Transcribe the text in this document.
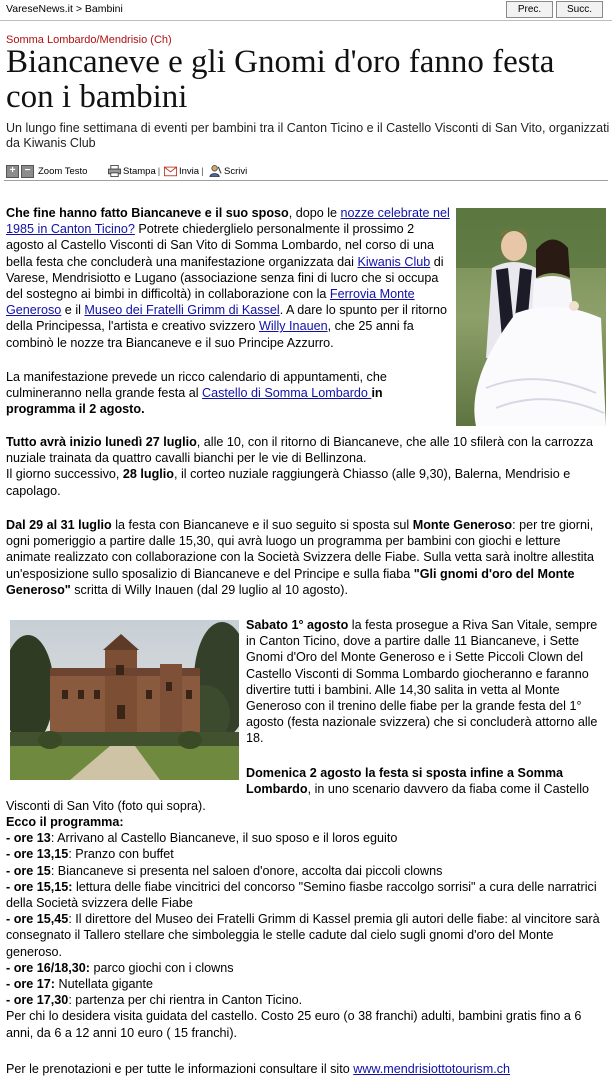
VareseNews.it > Bambini	Prec.	Succ.
Somma Lombardo/Mendrisio (Ch)
Biancaneve e gli Gnomi d'oro fanno festa con i bambini
Un lungo fine settimana di eventi per bambini tra il Canton Ticino e il Castello Visconti di San Vito, organizzati da Kiwanis Club
+ − Zoom Testo	Stampa | Invia | Scrivi

Che fine hanno fatto Biancaneve e il suo sposo, dopo le nozze celebrate nel 1985 in Canton Ticino? Potrete chiederglielo personalmente il prossimo 2 agosto al Castello Visconti di San Vito di Somma Lombardo, nel corso di una bella festa che concluderà una manifestazione organizzata dai Kiwanis Club di Varese, Mendrisiotto e Lugano (associazione senza fini di lucro che si occupa del sostegno ai bimbi in difficoltà) in collaborazione con la Ferrovia Monte Generoso e il Museo dei Fratelli Grimm di Kassel. A dare lo spunto per il ritorno della Principessa, l'artista e creativo svizzero Willy Inauen, che 25 anni fa combinò le nozze tra Biancaneve e il suo Principe Azzurro.

La manifestazione prevede un ricco calendario di appuntamenti, che culmineranno nella grande festa al Castello di Somma Lombardo in programma il 2 agosto.

Tutto avrà inizio lunedì 27 luglio, alle 10, con il ritorno di Biancaneve, che alle 10 sfilerà con la carrozza nuziale trainata da quattro cavalli bianchi per le vie di Bellinzona.
Il giorno successivo, 28 luglio, il corteo nuziale raggiungerà Chiasso (alle 9,30), Balerna, Mendrisio e capolago.

Dal 29 al 31 luglio la festa con Biancaneve e il suo seguito si sposta sul Monte Generoso: per tre giorni, ogni pomeriggio a partire dalle 15,30, qui avrà luogo un programma per bambini con giochi e letture animate realizzato con collaborazione con la Società Svizzera delle Fiabe. Sulla vetta sarà inoltre allestita un'esposizione sullo sposalizio di Biancaneve e del Principe e sulla fiaba "Gli gnomi d'oro del Monte Generoso" scritta di Willy Inauen (dal 29 luglio al 10 agosto).

Sabato 1° agosto la festa prosegue a Riva San Vitale, sempre in Canton Ticino, dove a partire dalle 11 Biancaneve, i Sette Gnomi d'Oro del Monte Generoso e i Sette Piccoli Clown del Castello Visconti di Somma Lombardo giocheranno e faranno divertire tutti i bambini. Alle 14,30 salita in vetta al Monte Generoso con il trenino delle fiabe per la grande festa del 1° agosto (festa nazionale svizzera) che si concluderà attorno alle 18.

Domenica 2 agosto la festa si sposta infine a Somma Lombardo, in uno scenario davvero da fiaba come il Castello

Visconti di San Vito (foto qui sopra).

Ecco il programma:
- ore 13: Arrivano al Castello Biancaneve, il suo sposo e il loros eguito
- ore 13,15: Pranzo con buffet
- ore 15: Biancaneve si presenta nel saloen d'onore, accolta dai piccoli clowns
- ore 15,15: lettura delle fiabe vincitrici del concorso "Semino fiasbe raccolgo sorrisi" a cura delle narratrici della Società svizzera delle Fiabe
- ore 15,45: Il direttore del Museo dei Fratelli Grimm di Kassel premia gli autori delle fiabe: al vincitore sarà consegnato il Tallero stellare che simboleggia le stelle cadute dal cielo sugli gnomi d'oro del Monte generoso.
- ore 16/18,30: parco giochi con i clowns
- ore 17: Nutellata gigante
- ore 17,30: partenza per chi rientra in Canton Ticino.
Per chi lo desidera visita guidata del castello. Costo 25 euro (o 38 franchi) adulti, bambini gratis fino a 6 anni, da 6 a 12 anni 10 euro ( 15 franchi).

Per le prenotazioni e per tutte le informazioni consultare il sito www.mendrisiottotourism.ch
